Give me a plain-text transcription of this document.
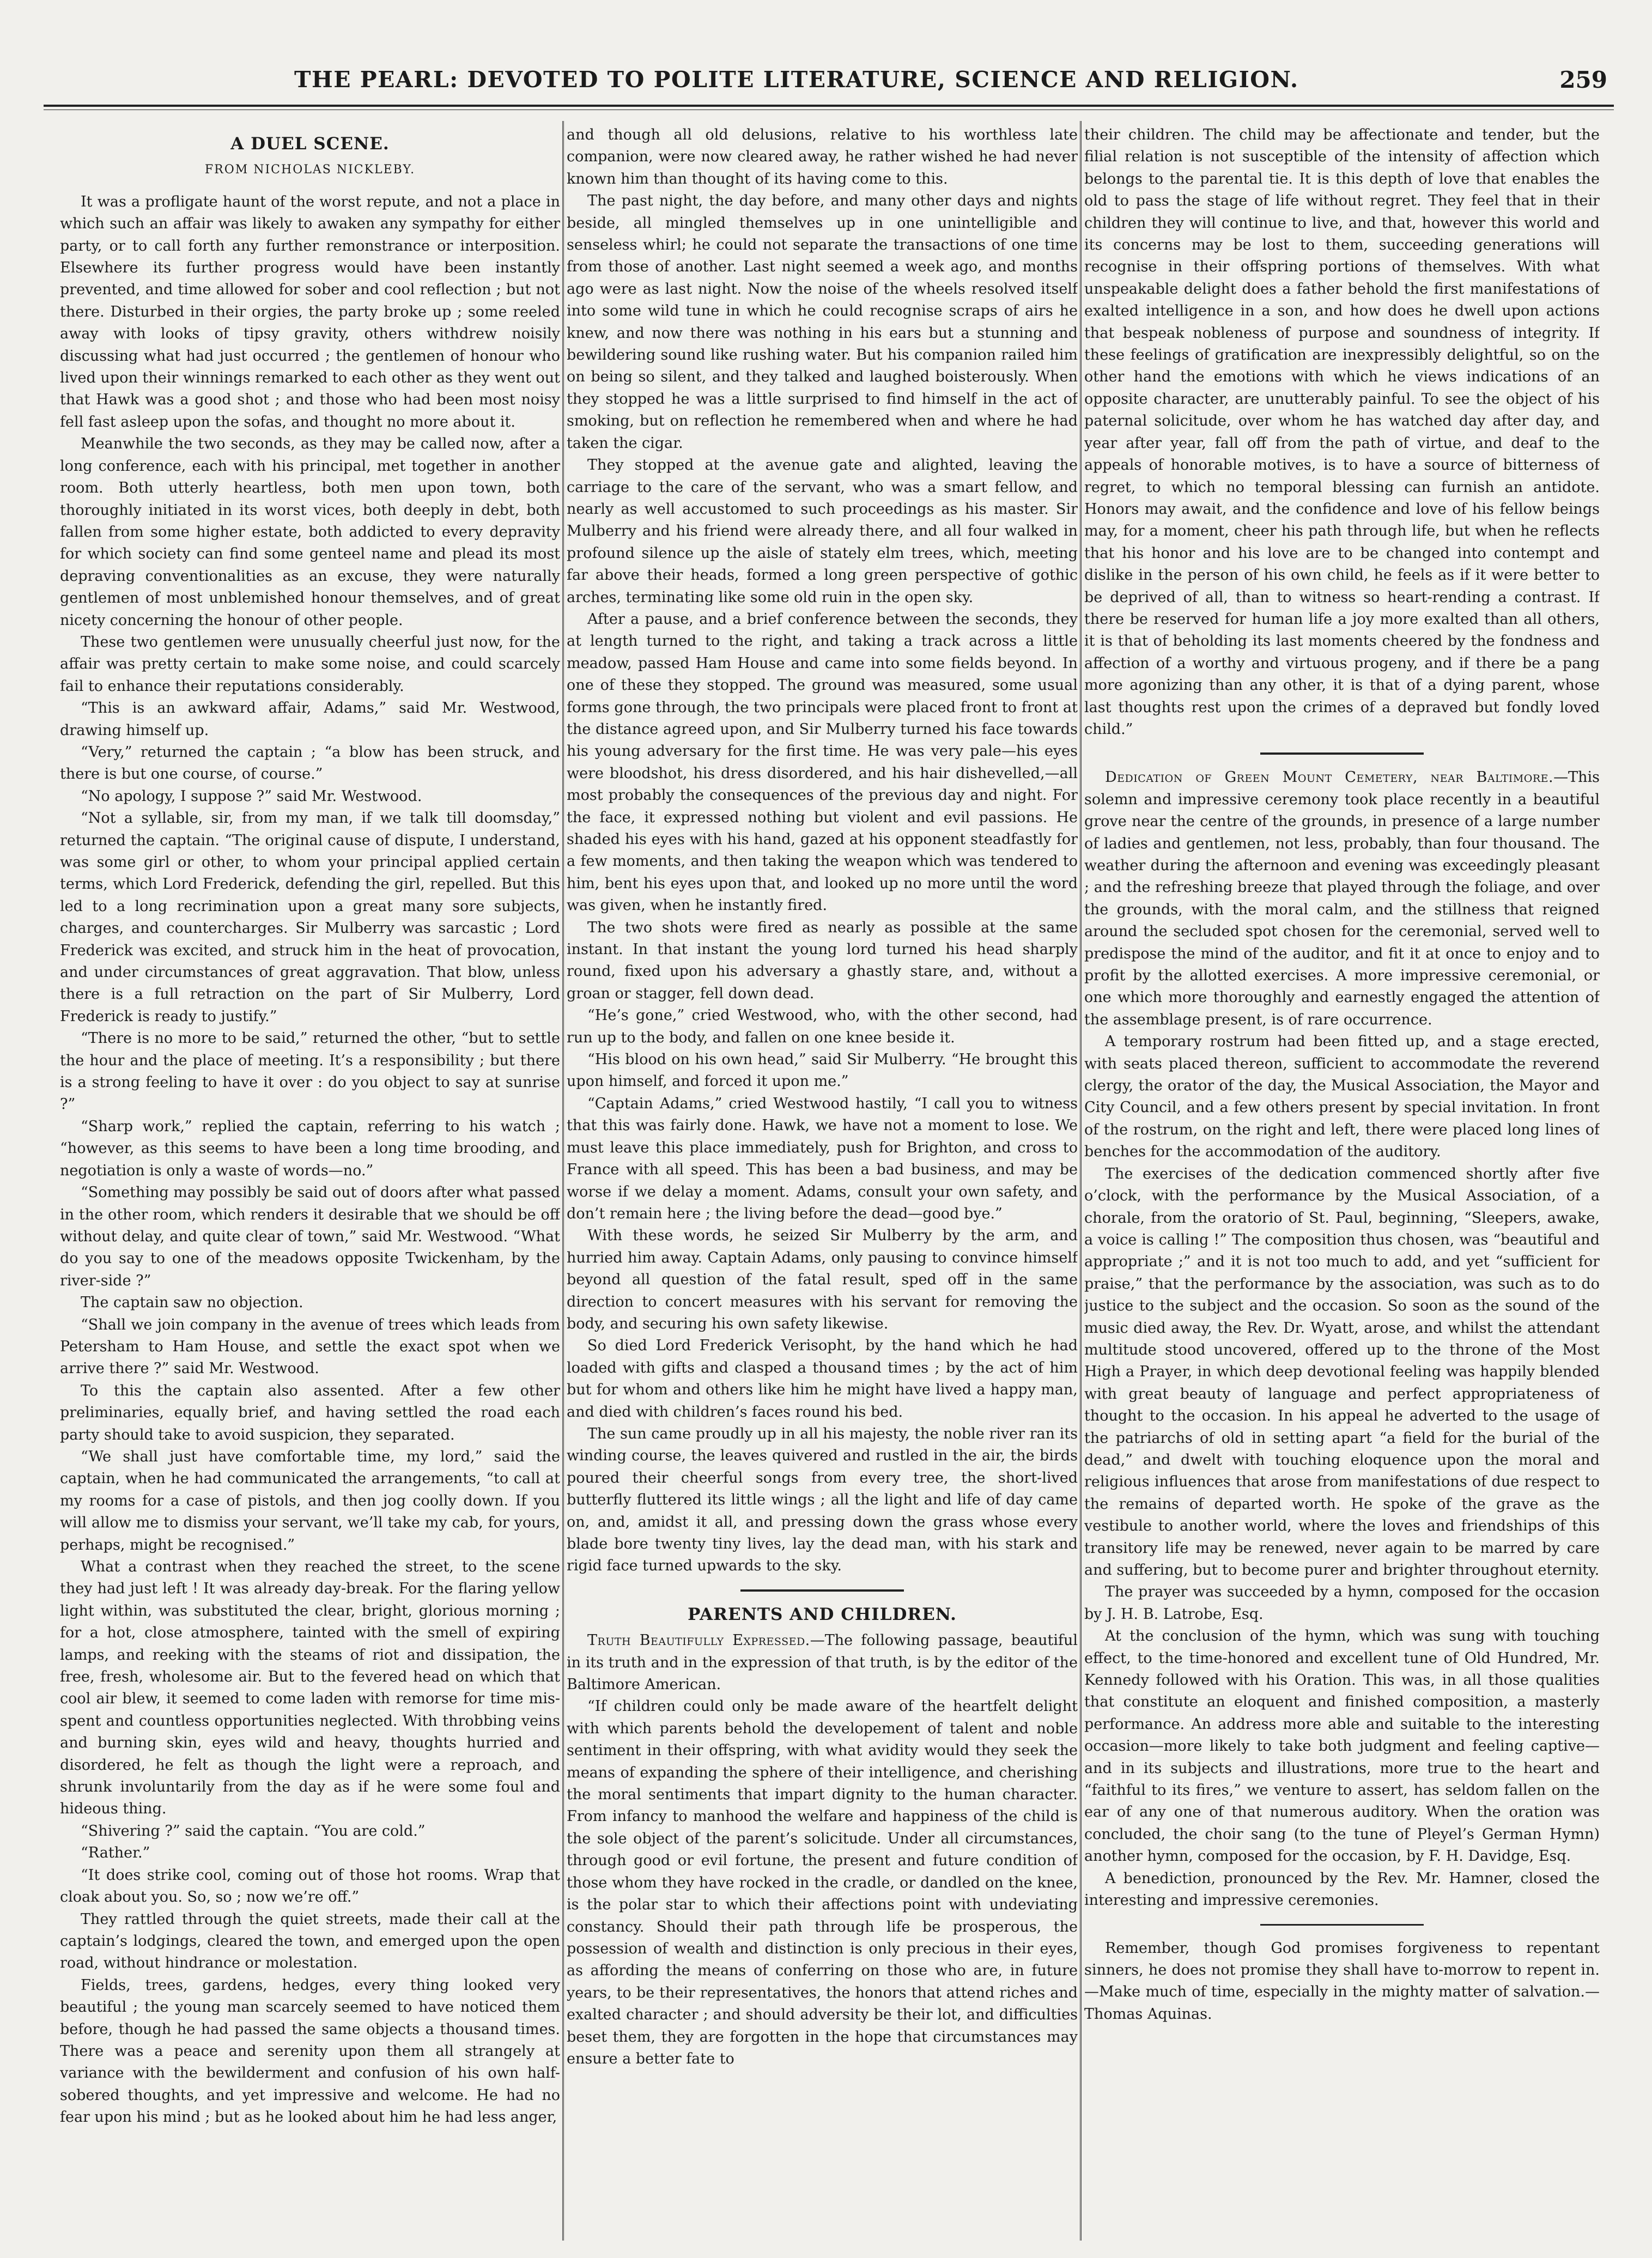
THE PEARL: DEVOTED TO POLITE LITERATURE, SCIENCE AND RELIGION.	259
A DUEL SCENE.
FROM NICHOLAS NICKLEBY.

It was a profligate haunt of the worst repute, and not a place in which such an affair was likely to awaken any sympathy for either party, or to call forth any further remonstrance or interposition. Elsewhere its further progress would have been instantly prevented, and time allowed for sober and cool reflection ; but not there. Disturbed in their orgies, the party broke up ; some reeled away with looks of tipsy gravity, others withdrew noisily discussing what had just occurred ; the gentlemen of honour who lived upon their winnings remarked to each other as they went out that Hawk was a good shot ; and those who had been most noisy fell fast asleep upon the sofas, and thought no more about it.

Meanwhile the two seconds, as they may be called now, after a long conference, each with his principal, met together in another room. Both utterly heartless, both men upon town, both thoroughly initiated in its worst vices, both deeply in debt, both fallen from some higher estate, both addicted to every depravity for which society can find some genteel name and plead its most depraving conventionalities as an excuse, they were naturally gentlemen of most unblemished honour themselves, and of great nicety concerning the honour of other people.

These two gentlemen were unusually cheerful just now, for the affair was pretty certain to make some noise, and could scarcely fail to enhance their reputations considerably.

“This is an awkward affair, Adams,” said Mr. Westwood, drawing himself up.

“Very,” returned the captain ; “a blow has been struck, and there is but one course, of course.”

“No apology, I suppose ?” said Mr. Westwood.

“Not a syllable, sir, from my man, if we talk till doomsday,” returned the captain. “The original cause of dispute, I understand, was some girl or other, to whom your principal applied certain terms, which Lord Frederick, defending the girl, repelled. But this led to a long recrimination upon a great many sore subjects, charges, and countercharges. Sir Mulberry was sarcastic ; Lord Frederick was excited, and struck him in the heat of provocation, and under circumstances of great aggravation. That blow, unless there is a full retraction on the part of Sir Mulberry, Lord Frederick is ready to justify.”

“There is no more to be said,” returned the other, “but to settle the hour and the place of meeting. It’s a responsibility ; but there is a strong feeling to have it over : do you object to say at sunrise ?”

“Sharp work,” replied the captain, referring to his watch ; “however, as this seems to have been a long time brooding, and negotiation is only a waste of words—no.”

“Something may possibly be said out of doors after what passed in the other room, which renders it desirable that we should be off without delay, and quite clear of town,” said Mr. Westwood. “What do you say to one of the meadows opposite Twickenham, by the river-side ?”

The captain saw no objection.

“Shall we join company in the avenue of trees which leads from Petersham to Ham House, and settle the exact spot when we arrive there ?” said Mr. Westwood.

To this the captain also assented. After a few other preliminaries, equally brief, and having settled the road each party should take to avoid suspicion, they separated.

“We shall just have comfortable time, my lord,” said the captain, when he had communicated the arrangements, “to call at my rooms for a case of pistols, and then jog coolly down. If you will allow me to dismiss your servant, we’ll take my cab, for yours, perhaps, might be recognised.”

What a contrast when they reached the street, to the scene they had just left ! It was already day-break. For the flaring yellow light within, was substituted the clear, bright, glorious morning ; for a hot, close atmosphere, tainted with the smell of expiring lamps, and reeking with the steams of riot and dissipation, the free, fresh, wholesome air. But to the fevered head on which that cool air blew, it seemed to come laden with remorse for time mis-spent and countless opportunities neglected. With throbbing veins and burning skin, eyes wild and heavy, thoughts hurried and disordered, he felt as though the light were a reproach, and shrunk involuntarily from the day as if he were some foul and hideous thing.

“Shivering ?” said the captain. “You are cold.”

“Rather.”

“It does strike cool, coming out of those hot rooms. Wrap that cloak about you. So, so ; now we’re off.”

They rattled through the quiet streets, made their call at the captain’s lodgings, cleared the town, and emerged upon the open road, without hindrance or molestation.

Fields, trees, gardens, hedges, every thing looked very beautiful ; the young man scarcely seemed to have noticed them before, though he had passed the same objects a thousand times. There was a peace and serenity upon them all strangely at variance with the bewilderment and confusion of his own half-sobered thoughts, and yet impressive and welcome. He had no fear upon his mind ; but as he looked about him he had less anger,

and though all old delusions, relative to his worthless late companion, were now cleared away, he rather wished he had never known him than thought of its having come to this.

The past night, the day before, and many other days and nights beside, all mingled themselves up in one unintelligible and senseless whirl; he could not separate the transactions of one time from those of another. Last night seemed a week ago, and months ago were as last night. Now the noise of the wheels resolved itself into some wild tune in which he could recognise scraps of airs he knew, and now there was nothing in his ears but a stunning and bewildering sound like rushing water. But his companion railed him on being so silent, and they talked and laughed boisterously. When they stopped he was a little surprised to find himself in the act of smoking, but on reflection he remembered when and where he had taken the cigar.

They stopped at the avenue gate and alighted, leaving the carriage to the care of the servant, who was a smart fellow, and nearly as well accustomed to such proceedings as his master. Sir Mulberry and his friend were already there, and all four walked in profound silence up the aisle of stately elm trees, which, meeting far above their heads, formed a long green perspective of gothic arches, terminating like some old ruin in the open sky.

After a pause, and a brief conference between the seconds, they at length turned to the right, and taking a track across a little meadow, passed Ham House and came into some fields beyond. In one of these they stopped. The ground was measured, some usual forms gone through, the two principals were placed front to front at the distance agreed upon, and Sir Mulberry turned his face towards his young adversary for the first time. He was very pale—his eyes were bloodshot, his dress disordered, and his hair dishevelled,—all most probably the consequences of the previous day and night. For the face, it expressed nothing but violent and evil passions. He shaded his eyes with his hand, gazed at his opponent steadfastly for a few moments, and then taking the weapon which was tendered to him, bent his eyes upon that, and looked up no more until the word was given, when he instantly fired.

The two shots were fired as nearly as possible at the same instant. In that instant the young lord turned his head sharply round, fixed upon his adversary a ghastly stare, and, without a groan or stagger, fell down dead.

“He’s gone,” cried Westwood, who, with the other second, had run up to the body, and fallen on one knee beside it.

“His blood on his own head,” said Sir Mulberry. “He brought this upon himself, and forced it upon me.”

“Captain Adams,” cried Westwood hastily, “I call you to witness that this was fairly done. Hawk, we have not a moment to lose. We must leave this place immediately, push for Brighton, and cross to France with all speed. This has been a bad business, and may be worse if we delay a moment. Adams, consult your own safety, and don’t remain here ; the living before the dead—good bye.”

With these words, he seized Sir Mulberry by the arm, and hurried him away. Captain Adams, only pausing to convince himself beyond all question of the fatal result, sped off in the same direction to concert measures with his servant for removing the body, and securing his own safety likewise.

So died Lord Frederick Verisopht, by the hand which he had loaded with gifts and clasped a thousand times ; by the act of him but for whom and others like him he might have lived a happy man, and died with children’s faces round his bed.

The sun came proudly up in all his majesty, the noble river ran its winding course, the leaves quivered and rustled in the air, the birds poured their cheerful songs from every tree, the short-lived butterfly fluttered its little wings ; all the light and life of day came on, and, amidst it all, and pressing down the grass whose every blade bore twenty tiny lives, lay the dead man, with his stark and rigid face turned upwards to the sky.

PARENTS AND CHILDREN.

Truth Beautifully Expressed.—The following passage, beautiful in its truth and in the expression of that truth, is by the editor of the Baltimore American.

“If children could only be made aware of the heartfelt delight with which parents behold the developement of talent and noble sentiment in their offspring, with what avidity would they seek the means of expanding the sphere of their intelligence, and cherishing the moral sentiments that impart dignity to the human character. From infancy to manhood the welfare and happiness of the child is the sole object of the parent’s solicitude. Under all circumstances, through good or evil fortune, the present and future condition of those whom they have rocked in the cradle, or dandled on the knee, is the polar star to which their affections point with undeviating constancy. Should their path through life be prosperous, the possession of wealth and distinction is only precious in their eyes, as affording the means of conferring on those who are, in future years, to be their representatives, the honors that attend riches and exalted character ; and should adversity be their lot, and difficulties beset them, they are forgotten in the hope that circumstances may ensure a better fate to

their children. The child may be affectionate and tender, but the filial relation is not susceptible of the intensity of affection which belongs to the parental tie. It is this depth of love that enables the old to pass the stage of life without regret. They feel that in their children they will continue to live, and that, however this world and its concerns may be lost to them, succeeding generations will recognise in their offspring portions of themselves. With what unspeakable delight does a father behold the first manifestations of exalted intelligence in a son, and how does he dwell upon actions that bespeak nobleness of purpose and soundness of integrity. If these feelings of gratification are inexpressibly delightful, so on the other hand the emotions with which he views indications of an opposite character, are unutterably painful. To see the object of his paternal solicitude, over whom he has watched day after day, and year after year, fall off from the path of virtue, and deaf to the appeals of honorable motives, is to have a source of bitterness of regret, to which no temporal blessing can furnish an antidote. Honors may await, and the confidence and love of his fellow beings may, for a moment, cheer his path through life, but when he reflects that his honor and his love are to be changed into contempt and dislike in the person of his own child, he feels as if it were better to be deprived of all, than to witness so heart-rending a contrast. If there be reserved for human life a joy more exalted than all others, it is that of beholding its last moments cheered by the fondness and affection of a worthy and virtuous progeny, and if there be a pang more agonizing than any other, it is that of a dying parent, whose last thoughts rest upon the crimes of a depraved but fondly loved child.”

Dedication of Green Mount Cemetery, near Baltimore.—This solemn and impressive ceremony took place recently in a beautiful grove near the centre of the grounds, in presence of a large number of ladies and gentlemen, not less, probably, than four thousand. The weather during the afternoon and evening was exceedingly pleasant ; and the refreshing breeze that played through the foliage, and over the grounds, with the moral calm, and the stillness that reigned around the secluded spot chosen for the ceremonial, served well to predispose the mind of the auditor, and fit it at once to enjoy and to profit by the allotted exercises. A more impressive ceremonial, or one which more thoroughly and earnestly engaged the attention of the assemblage present, is of rare occurrence.

A temporary rostrum had been fitted up, and a stage erected, with seats placed thereon, sufficient to accommodate the reverend clergy, the orator of the day, the Musical Association, the Mayor and City Council, and a few others present by special invitation. In front of the rostrum, on the right and left, there were placed long lines of benches for the accommodation of the auditory.

The exercises of the dedication commenced shortly after five o’clock, with the performance by the Musical Association, of a chorale, from the oratorio of St. Paul, beginning, “Sleepers, awake, a voice is calling !” The composition thus chosen, was “beautiful and appropriate ;” and it is not too much to add, and yet “sufficient for praise,” that the performance by the association, was such as to do justice to the subject and the occasion. So soon as the sound of the music died away, the Rev. Dr. Wyatt, arose, and whilst the attendant multitude stood uncovered, offered up to the throne of the Most High a Prayer, in which deep devotional feeling was happily blended with great beauty of language and perfect appropriateness of thought to the occasion. In his appeal he adverted to the usage of the patriarchs of old in setting apart “a field for the burial of the dead,” and dwelt with touching eloquence upon the moral and religious influences that arose from manifestations of due respect to the remains of departed worth. He spoke of the grave as the vestibule to another world, where the loves and friendships of this transitory life may be renewed, never again to be marred by care and suffering, but to become purer and brighter throughout eternity.

The prayer was succeeded by a hymn, composed for the occasion by J. H. B. Latrobe, Esq.

At the conclusion of the hymn, which was sung with touching effect, to the time-honored and excellent tune of Old Hundred, Mr. Kennedy followed with his Oration. This was, in all those qualities that constitute an eloquent and finished composition, a masterly performance. An address more able and suitable to the interesting occasion—more likely to take both judgment and feeling captive—and in its subjects and illustrations, more true to the heart and “faithful to its fires,” we venture to assert, has seldom fallen on the ear of any one of that numerous auditory. When the oration was concluded, the choir sang (to the tune of Pleyel’s German Hymn) another hymn, composed for the occasion, by F. H. Davidge, Esq.

A benediction, pronounced by the Rev. Mr. Hamner, closed the interesting and impressive ceremonies.

Remember, though God promises forgiveness to repentant sinners, he does not promise they shall have to-morrow to repent in.—Make much of time, especially in the mighty matter of salvation.—Thomas Aquinas.
